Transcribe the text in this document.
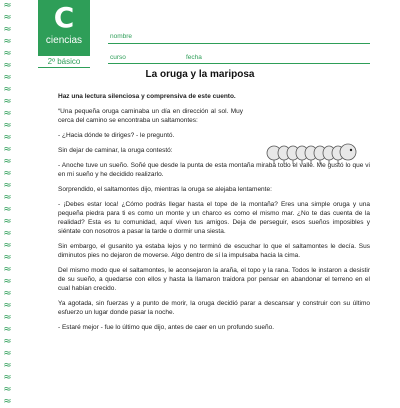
≈
≈
≈
≈
≈
≈
≈
≈
≈
≈
≈
≈
≈
≈
≈
≈
≈
≈
≈
≈
≈
≈
≈
≈
≈
≈
≈
≈
≈
≈
≈
≈
≈
≈
C
ciencias
2º básico
nombre
curso	fecha
La oruga y la mariposa

Haz una lectura silenciosa y comprensiva de este cuento.

“Una pequeña oruga caminaba un día en dirección al sol. Muy cerca del camino se encontraba un saltamontes:

- ¿Hacia dónde te diriges? - le preguntó.

Sin dejar de caminar, la oruga contestó:

- Anoche tuve un sueño. Soñé que desde la punta de esta montaña miraba todo el valle. Me gustó lo que vi en mi sueño y he decidido realizarlo.

Sorprendido, el saltamontes dijo, mientras la oruga se alejaba lentamente:

- ¡Debes estar loca! ¿Cómo podrás llegar hasta el tope de la montaña? Eres una simple oruga y una pequeña piedra para ti es como un monte y un charco es como el mismo mar. ¿No te das cuenta de la realidad? Esta es tu comunidad, aquí viven tus amigos. Deja de perseguir, esos sueños imposibles y siéntate con nosotros a pasar la tarde o dormir una siesta.

Sin embargo, el gusanito ya estaba lejos y no terminó de escuchar lo que el saltamontes le decía. Sus diminutos pies no dejaron de moverse. Algo dentro de sí la impulsaba hacia la cima.

Del mismo modo que el saltamontes, le aconsejaron la araña, el topo y la rana. Todos le instaron a desistir de su sueño, a quedarse con ellos y hasta la llamaron traidora por pensar en abandonar el terreno en el cual habían crecido.

Ya agotada, sin fuerzas y a punto de morir, la oruga decidió parar a descansar y construir con su último esfuerzo un lugar donde pasar la noche.

- Estaré mejor - fue lo último que dijo, antes de caer en un profundo sueño.
